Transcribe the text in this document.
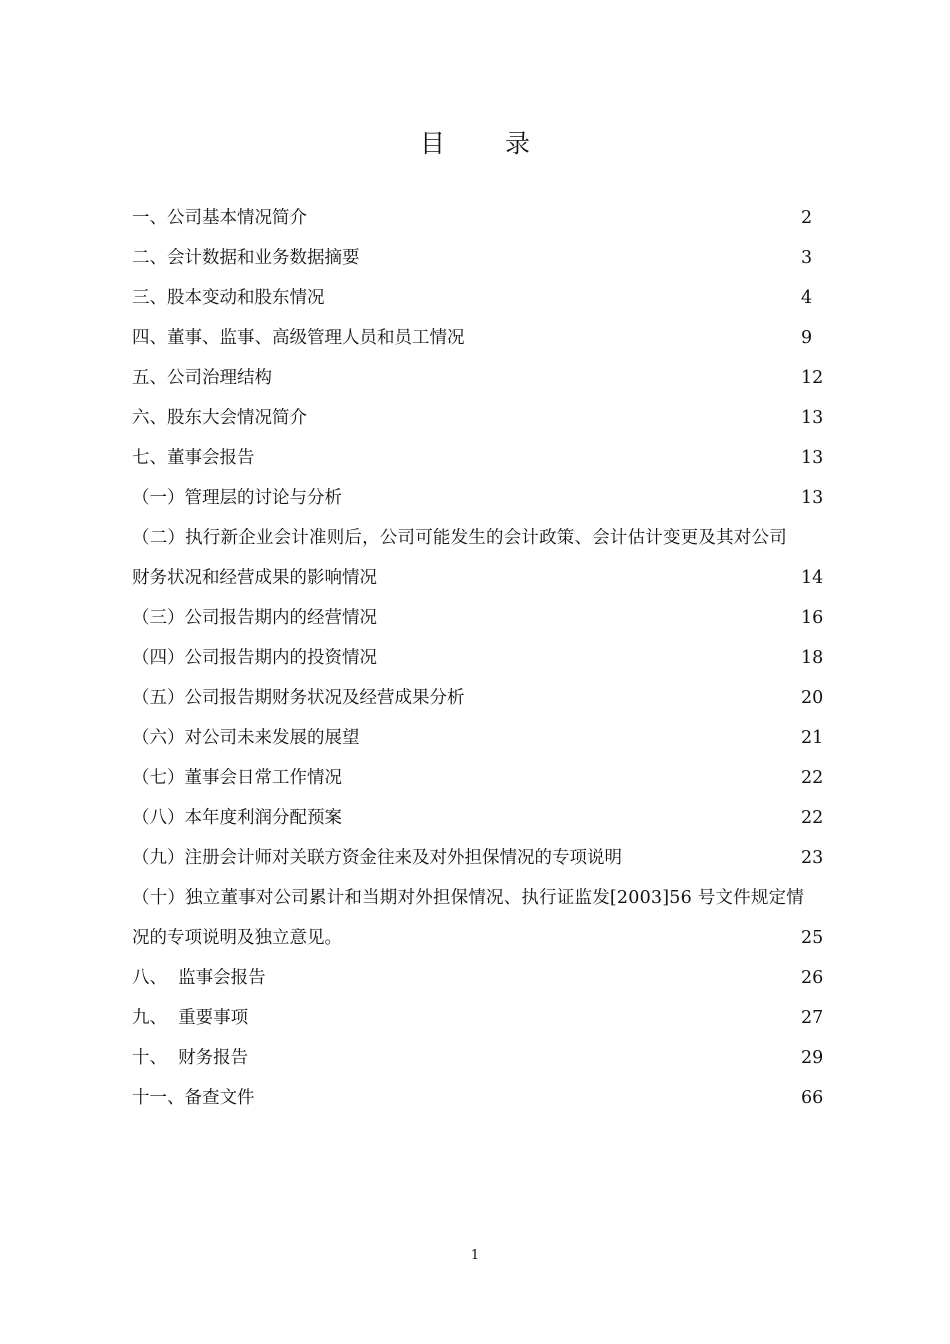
目 录
一、公司基本情况简介	2
二、会计数据和业务数据摘要	3
三、股本变动和股东情况	4
四、董事、监事、高级管理人员和员工情况	9
五、公司治理结构	12
六、股东大会情况简介	13
七、董事会报告	13
（一）管理层的讨论与分析	13
（二）执行新企业会计准则后，公司可能发生的会计政策、会计估计变更及其对公司
财务状况和经营成果的影响情况	14
（三）公司报告期内的经营情况	16
（四）公司报告期内的投资情况	18
（五）公司报告期财务状况及经营成果分析	20
（六）对公司未来发展的展望	21
（七）董事会日常工作情况	22
（八）本年度利润分配预案	22
（九）注册会计师对关联方资金往来及对外担保情况的专项说明	23
（十）独立董事对公司累计和当期对外担保情况、执行证监发[2003]56 号文件规定情
况的专项说明及独立意见。	25
八、  监事会报告	26
九、  重要事项	27
十、  财务报告	29
十一、备查文件	66
1
